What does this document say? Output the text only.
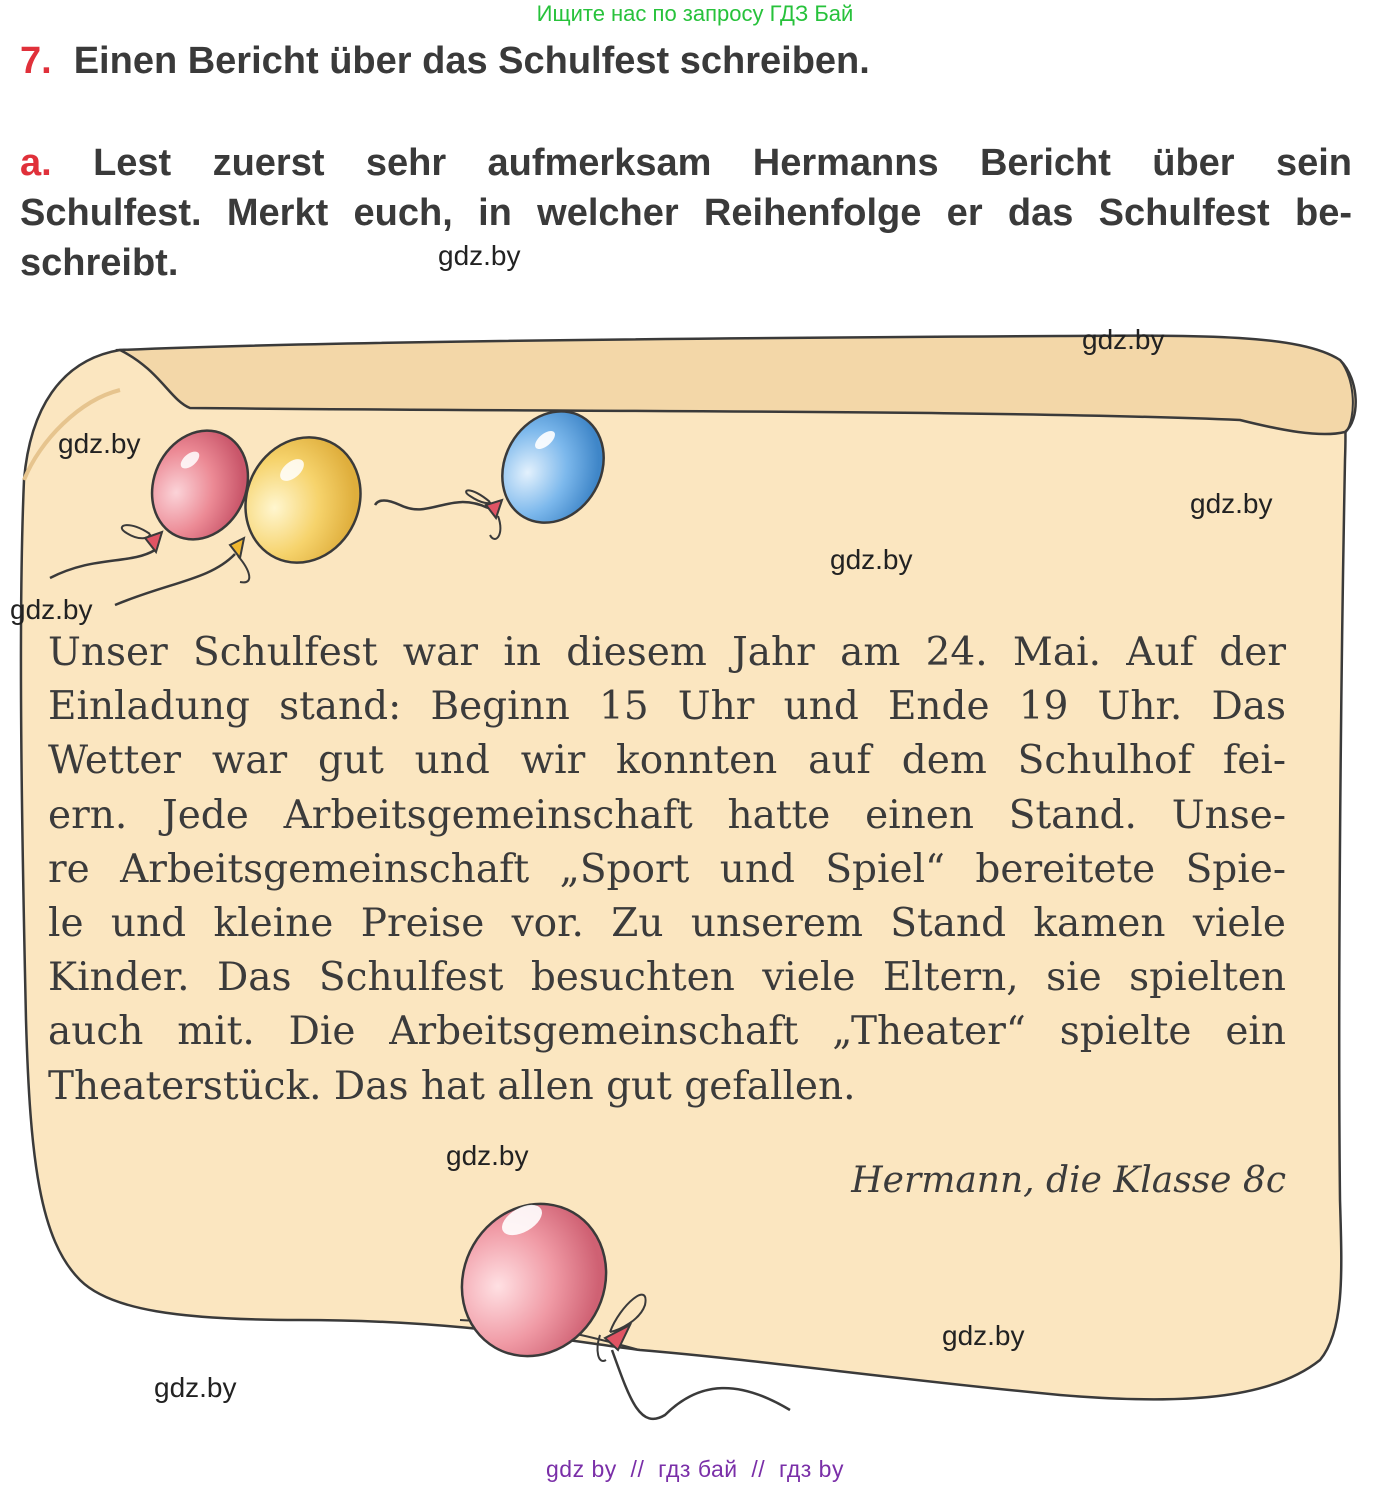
Ищите нас по запросу ГДЗ Бай
7. Einen Bericht über das Schulfest schreiben.
a. Lest zuerst sehr aufmerksam Hermanns Bericht über sein
Schulfest. Merkt euch, in welcher Reihenfolge er das Schulfest be-
schreibt.
Unser Schulfest war in diesem Jahr am 24. Mai. Auf der
Einladung stand: Beginn 15 Uhr und Ende 19 Uhr. Das
Wetter war gut und wir konnten auf dem Schulhof fei-
ern. Jede Arbeitsgemeinschaft hatte einen Stand. Unse-
re Arbeitsgemeinschaft „Sport und Spiel“ bereitete Spie-
le und kleine Preise vor. Zu unserem Stand kamen viele
Kinder. Das Schulfest besuchten viele Eltern, sie spielten
auch mit. Die Arbeitsgemeinschaft „Theater“ spielte ein
Theaterstück. Das hat allen gut gefallen.
Hermann, die Klasse 8c
gdz.by
gdz.by
gdz.by
gdz.by
gdz.by
gdz.by
gdz.by
gdz.by
gdz.by
gdz by  //  гдз бай  //  гдз by
